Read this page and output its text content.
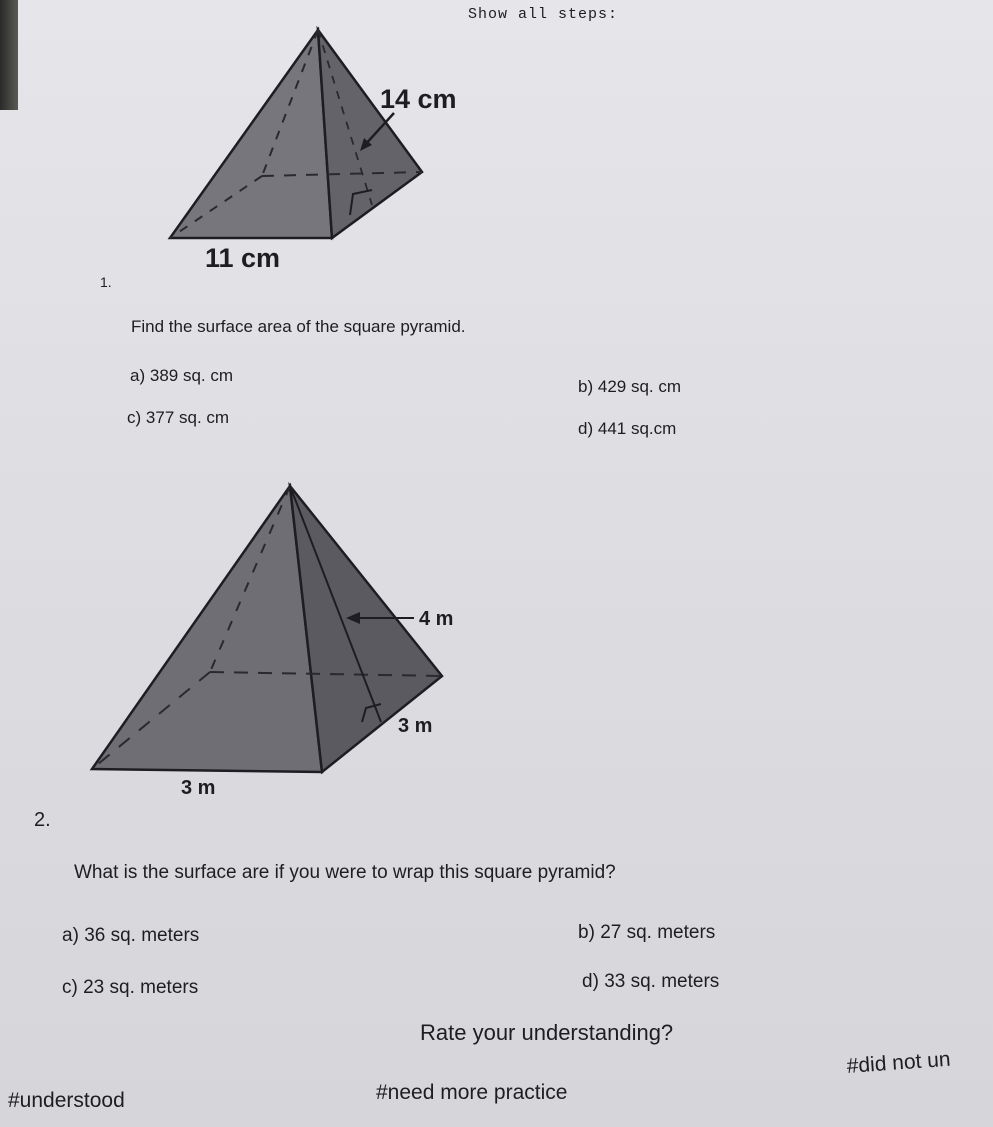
Show all steps:
14 cm
11 cm
1.
Find the surface area of the square pyramid.
a) 389 sq. cm
b) 429 sq. cm
c) 377 sq. cm
d) 441 sq.cm
4 m
3 m
3 m
2.
What is the surface are if you were to wrap this square pyramid?
a) 36 sq. meters	b) 27 sq. meters
c) 23 sq. meters	d) 33 sq. meters
Rate your understanding?
#understood	#need more practice
#did not un
